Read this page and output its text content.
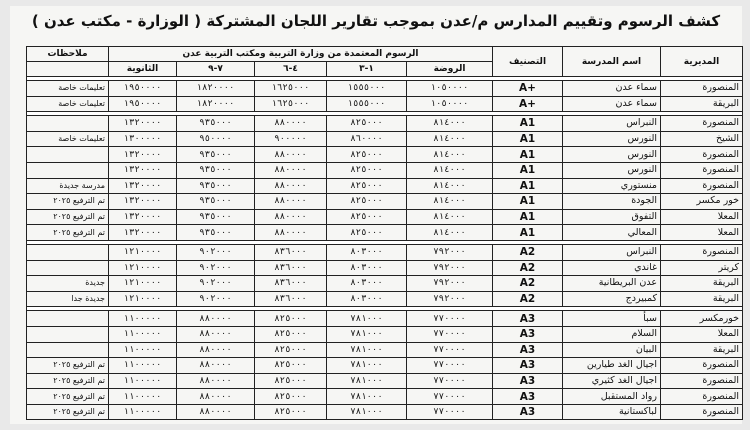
كشف الرسوم وتقييم المدارس م/عدن بموجب تقارير اللجان المشتركة ( الوزارة - مكتب عدن )
ملاحظات	الرسوم المعتمدة من وزارة التربية ومكتب التربية عدن					التصنيف	اسم المدرسة	المديرية
	الثانوية	٧-٩	٤-٦	١-٣	الروضة			

تعليمات خاصة	١٩٥٠٠٠٠	١٨٢٠٠٠٠	١٦٢٥٠٠٠	١٥٥٥٠٠٠	١٠٥٠٠٠٠	A+	سماء عدن	المنصورة
تعليمات خاصة	١٩٥٠٠٠٠	١٨٢٠٠٠٠	١٦٢٥٠٠٠	١٥٥٥٠٠٠	١٠٥٠٠٠٠	A+	سماء عدن	البريقة

	١٣٢٠٠٠٠	٩٣٥٠٠٠	٨٨٠٠٠٠	٨٢٥٠٠٠	٨١٤٠٠٠	A1	النبراس	المنصورة
تعليمات خاصة	١٣٠٠٠٠٠	٩٥٠٠٠٠	٩٠٠٠٠٠	٨٦٠٠٠٠	٨١٤٠٠٠	A1	النورس	الشيخ
	١٣٢٠٠٠٠	٩٣٥٠٠٠	٨٨٠٠٠٠	٨٢٥٠٠٠	٨١٤٠٠٠	A1	النورس	المنصورة
	١٣٢٠٠٠٠	٩٣٥٠٠٠	٨٨٠٠٠٠	٨٢٥٠٠٠	٨١٤٠٠٠	A1	النورس	المنصورة
مدرسة جديدة	١٣٢٠٠٠٠	٩٣٥٠٠٠	٨٨٠٠٠٠	٨٢٥٠٠٠	٨١٤٠٠٠	A1	منستوري	المنصورة
تم الترفيع ٢٠٢٥	١٣٢٠٠٠٠	٩٣٥٠٠٠	٨٨٠٠٠٠	٨٢٥٠٠٠	٨١٤٠٠٠	A1	الجودة	خور مكسر
تم الترفيع ٢٠٢٥	١٣٢٠٠٠٠	٩٣٥٠٠٠	٨٨٠٠٠٠	٨٢٥٠٠٠	٨١٤٠٠٠	A1	التفوق	المعلا
تم الترفيع ٢٠٢٥	١٣٢٠٠٠٠	٩٣٥٠٠٠	٨٨٠٠٠٠	٨٢٥٠٠٠	٨١٤٠٠٠	A1	المعالي	المعلا

	١٢١٠٠٠٠	٩٠٢٠٠٠	٨٣٦٠٠٠	٨٠٣٠٠٠	٧٩٢٠٠٠	A2	النبراس	المنصورة
	١٢١٠٠٠٠	٩٠٢٠٠٠	٨٣٦٠٠٠	٨٠٣٠٠٠	٧٩٢٠٠٠	A2	غاندي	كريتر
جديدة	١٢١٠٠٠٠	٩٠٢٠٠٠	٨٣٦٠٠٠	٨٠٣٠٠٠	٧٩٢٠٠٠	A2	عدن البريطانية	البريقة
جديدة جدا	١٢١٠٠٠٠	٩٠٢٠٠٠	٨٣٦٠٠٠	٨٠٣٠٠٠	٧٩٢٠٠٠	A2	كمبيردج	البريقة

	١١٠٠٠٠٠	٨٨٠٠٠٠	٨٢٥٠٠٠	٧٨١٠٠٠	٧٧٠٠٠٠	A3	سبأ	خورمكسر
	١١٠٠٠٠٠	٨٨٠٠٠٠	٨٢٥٠٠٠	٧٨١٠٠٠	٧٧٠٠٠٠	A3	السلام	المعلا
	١١٠٠٠٠٠	٨٨٠٠٠٠	٨٢٥٠٠٠	٧٨١٠٠٠	٧٧٠٠٠٠	A3	البيان	البريقة
تم الترفيع ٢٠٢٥	١١٠٠٠٠٠	٨٨٠٠٠٠	٨٢٥٠٠٠	٧٨١٠٠٠	٧٧٠٠٠٠	A3	اجيال الغد طيارين	المنصورة
تم الترفيع ٢٠٢٥	١١٠٠٠٠٠	٨٨٠٠٠٠	٨٢٥٠٠٠	٧٨١٠٠٠	٧٧٠٠٠٠	A3	اجيال الغد كثيري	المنصورة
تم الترفيع ٢٠٢٥	١١٠٠٠٠٠	٨٨٠٠٠٠	٨٢٥٠٠٠	٧٨١٠٠٠	٧٧٠٠٠٠	A3	رواد المستقبل	المنصورة
تم الترفيع ٢٠٢٥	١١٠٠٠٠٠	٨٨٠٠٠٠	٨٢٥٠٠٠	٧٨١٠٠٠	٧٧٠٠٠٠	A3	لباكستانية	المنصورة
